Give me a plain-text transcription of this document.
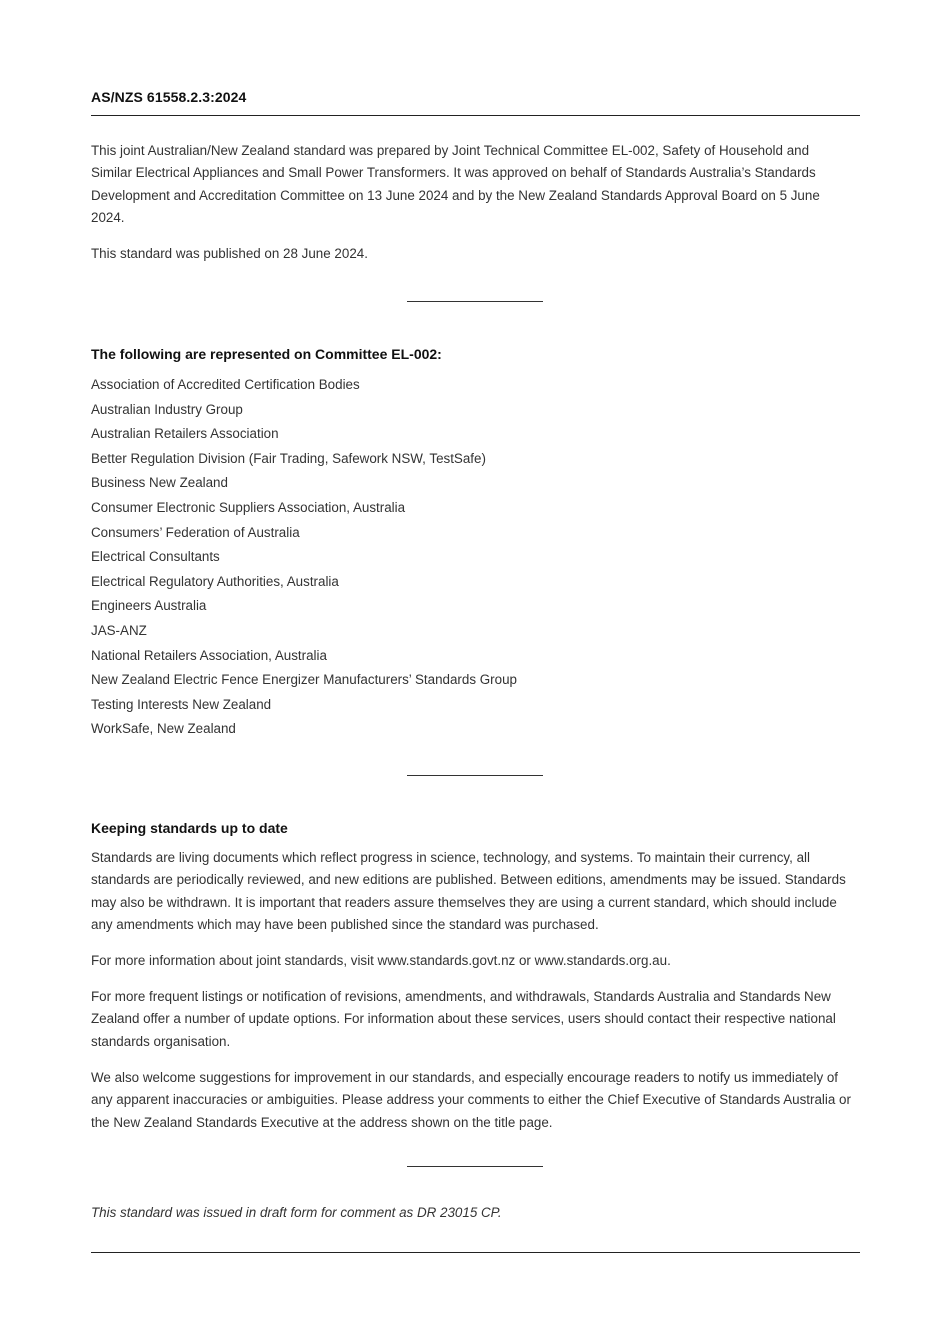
AS/NZS 61558.2.3:2024

This joint Australian/New Zealand standard was prepared by Joint Technical Committee EL-002, Safety of Household and Similar Electrical Appliances and Small Power Transformers. It was approved on behalf of Standards Australia’s Standards Development and Accreditation Committee on 13 June 2024 and by the New Zealand Standards Approval Board on 5 June 2024.

This standard was published on 28 June 2024.

The following are represented on Committee EL-002:

Association of Accredited Certification Bodies
Australian Industry Group
Australian Retailers Association
Better Regulation Division (Fair Trading, Safework NSW, TestSafe)
Business New Zealand
Consumer Electronic Suppliers Association, Australia
Consumers’ Federation of Australia
Electrical Consultants
Electrical Regulatory Authorities, Australia
Engineers Australia
JAS-ANZ
National Retailers Association, Australia
New Zealand Electric Fence Energizer Manufacturers’ Standards Group
Testing Interests New Zealand
WorkSafe, New Zealand

Keeping standards up to date

Standards are living documents which reflect progress in science, technology, and systems. To maintain their currency, all standards are periodically reviewed, and new editions are published. Between editions, amendments may be issued. Standards may also be withdrawn. It is important that readers assure themselves they are using a current standard, which should include any amendments which may have been published since the standard was purchased.

For more information about joint standards, visit www.standards.govt.nz or www.standards.org.au.

For more frequent listings or notification of revisions, amendments, and withdrawals, Standards Australia and Standards New Zealand offer a number of update options. For information about these services, users should contact their respective national standards organisation.

We also welcome suggestions for improvement in our standards, and especially encourage readers to notify us immediately of any apparent inaccuracies or ambiguities. Please address your comments to either the Chief Executive of Standards Australia or the New Zealand Standards Executive at the address shown on the title page.

This standard was issued in draft form for comment as DR 23015 CP.
